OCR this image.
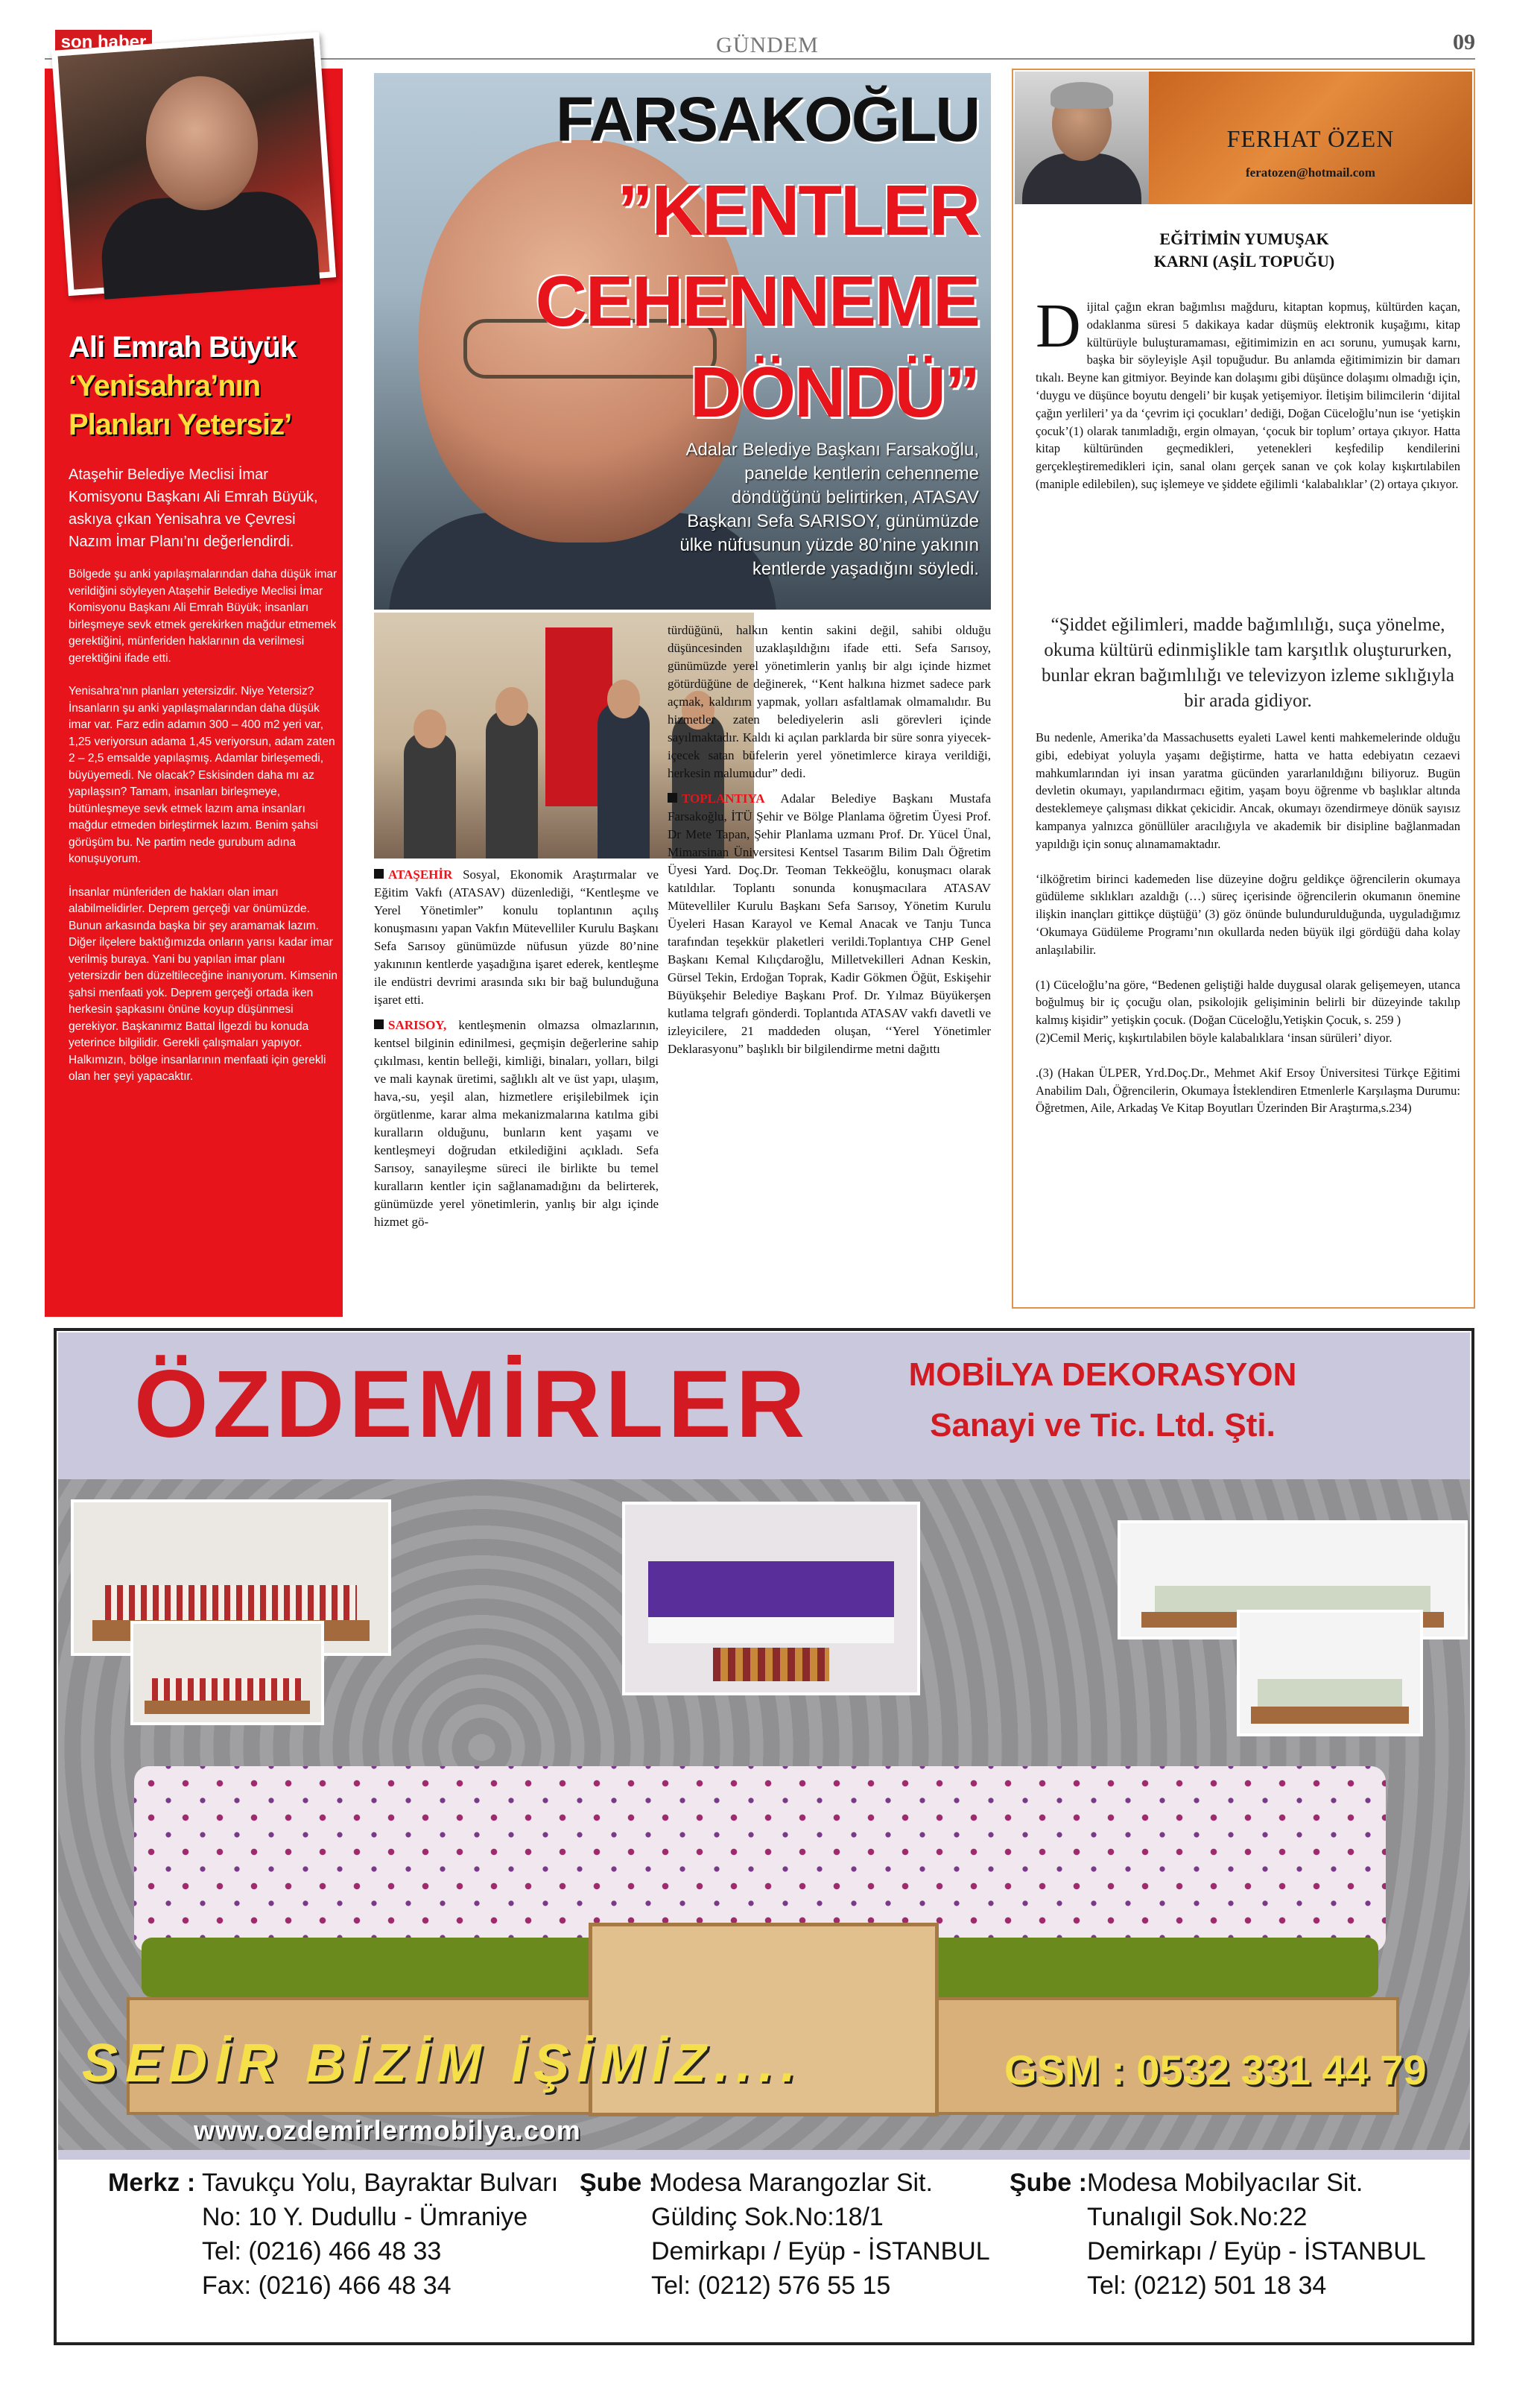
son haber	GÜNDEM	09
Ali Emrah Büyük
‘Yenisahra’nın
Planları Yetersiz’
Ataşehir Belediye Meclisi İmar Komisyonu Başkanı Ali Emrah Büyük, askıya çıkan Yenisahra ve Çevresi Nazım İmar Planı’nı değerlendirdi.

Bölgede şu anki yapılaşmalarından daha düşük imar verildiğini söyleyen Ataşehir Belediye Meclisi İmar Komisyonu Başkanı Ali Emrah Büyük; insanları birleşmeye sevk etmek gerekirken mağdur etmemek gerektiğini, münferiden haklarının da verilmesi gerektiğini ifade etti.

Yenisahra’nın planları yetersizdir. Niye Yetersiz? İnsanların şu anki yapılaşmalarından daha düşük imar var. Farz edin adamın 300 – 400 m2 yeri var, 1,25 veriyorsun adama 1,45 veriyorsun, adam zaten 2 – 2,5 emsalde yapılaşmış. Adamlar birleşemedi, büyüyemedi. Ne olacak? Eskisinden daha mı az yapılaşsın? Tamam, insanları birleşmeye, bütünleşmeye sevk etmek lazım ama insanları mağdur etmeden birleştirmek lazım. Benim şahsi görüşüm bu. Ne partim nede gurubum adına konuşuyorum.

İnsanlar münferiden de hakları olan imarı alabilmelidirler. Deprem gerçeği var önümüzde. Bunun arkasında başka bir şey aramamak lazım. Diğer ilçelere baktığımızda onların yarısı kadar imar verilmiş buraya. Yani bu yapılan imar planı yetersizdir ben düzeltileceğine inanıyorum. Kimsenin şahsi menfaati yok. Deprem gerçeği ortada iken herkesin şapkasını önüne koyup düşünmesi gerekiyor. Başkanımız Battal İlgezdi bu konuda yeterince bilgilidir. Gerekli çalışmaları yapıyor. Halkımızın, bölge insanlarının menfaati için gerekli olan her şeyi yapacaktır.

FARSAKOĞLU
”KENTLER
CEHENNEME
DÖNDÜ”
Adalar Belediye Başkanı Farsakoğlu, panelde kentlerin cehenneme döndüğünü belirtirken, ATASAV Başkanı Sefa SARISOY, günümüzde ülke nüfusunun yüzde 80’nine yakının kentlerde yaşadığını söyledi.

ATAŞEHİR Sosyal, Ekonomik Araştırmalar ve Eğitim Vakfı (ATASAV) düzenlediği, “Kentleşme ve Yerel Yönetimler” konulu toplantının açılış konuşmasını yapan Vakfın Mütevelliler Kurulu Başkanı Sefa Sarısoy günümüzde nüfusun yüzde 80’nine yakınının kentlerde yaşadığına işaret ederek, kentleşme ile endüstri devrimi arasında sıkı bir bağ bulunduğuna işaret etti.

SARISOY, kentleşmenin olmazsa olmazlarının, kentsel bilginin edinilmesi, geçmişin değerlerine sahip çıkılması, kentin belleği, kimliği, binaları, yolları, bilgi ve mali kaynak üretimi, sağlıklı alt ve üst yapı, ulaşım, hava,-su, yeşil alan, hizmetlere erişilebilmek için örgütlenme, karar alma mekanizmalarına katılma gibi kuralların olduğunu, bunların kent yaşamı ve kentleşmeyi doğrudan etkilediğini açıkladı. Sefa Sarısoy, sanayileşme süreci ile birlikte bu temel kuralların kentler için sağlanamadığını da belirterek, günümüzde yerel yönetimlerin, yanlış bir algı içinde hizmet gö-

türdüğünü, halkın kentin sakini değil, sahibi olduğu düşüncesinden uzaklaşıldığını ifade etti. Sefa Sarısoy, günümüzde yerel yönetimlerin yanlış bir algı içinde hizmet götürdüğüne de değinerek, ‘‘Kent halkına hizmet sadece park açmak, kaldırım yapmak, yolları asfaltlamak olmamalıdır. Bu hizmetler zaten belediyelerin asli görevleri içinde sayılmaktadır. Kaldı ki açılan parklarda bir süre sonra yiyecek-içecek satan büfelerin yerel yönetimlerce kiraya verildiği, herkesin malumudur” dedi.

TOPLANTIYA Adalar Belediye Başkanı Mustafa Farsakoğlu, İTÜ Şehir ve Bölge Planlama öğretim Üyesi Prof. Dr Mete Tapan, Şehir Planlama uzmanı Prof. Dr. Yücel Ünal, Mimarsinan Üniversitesi Kentsel Tasarım Bilim Dalı Öğretim Üyesi Yard. Doç.Dr. Teoman Tekkeöğlu, konuşmacı olarak katıldılar. Toplantı sonunda konuşmacılara ATASAV Mütevelliler Kurulu Başkanı Sefa Sarısoy, Yönetim Kurulu Üyeleri Hasan Karayol ve Kemal Anacak ve Tanju Tunca tarafından teşekkür plaketleri verildi.Toplantıya CHP Genel Başkanı Kemal Kılıçdaroğlu, Milletvekilleri Adnan Keskin, Gürsel Tekin, Erdoğan Toprak, Kadir Gökmen Öğüt, Eskişehir Büyükşehir Belediye Başkanı Prof. Dr. Yılmaz Büyükerşen kutlama telgrafı gönderdi. Toplantıda ATASAV vakfı davetli ve izleyicilere, 21 maddeden oluşan, ‘‘Yerel Yönetimler Deklarasyonu” başlıklı bir bilgilendirme metni dağıttı

FERHAT ÖZEN
feratozen@hotmail.com
EĞİTİMİN YUMUŞAK
KARNI (AŞİL TOPUĞU)

Dijital çağın ekran bağımlısı mağduru, kitaptan kopmuş, kültürden kaçan, odaklanma süresi 5 dakikaya kadar düşmüş elektronik kuşağımı, kitap kültürüyle buluşturamaması, eğitimimizin en acı sorunu, yumuşak karnı, başka bir söyleyişle Aşil topuğudur. Bu anlamda eğitimimizin bir damarı tıkalı. Beyne kan gitmiyor. Beyinde kan dolaşımı gibi düşünce dolaşımı olmadığı için, ‘duygu ve düşünce boyutu dengeli’ bir kuşak yetişemiyor. İletişim bilimcilerin ‘dijital çağın yerlileri’ ya da ‘çevrim içi çocukları’ dediği, Doğan Cüceloğlu’nun ise ‘yetişkin çocuk’(1) olarak tanımladığı, ergin olmayan, ‘çocuk bir toplum’ ortaya çıkıyor. Hatta kitap kültüründen geçmedikleri, yetenekleri keşfedilip kendilerini gerçekleştiremedikleri için, sanal olanı gerçek sanan ve çok kolay kışkırtılabilen (maniple edilebilen), suç işlemeye ve şiddete eğilimli ‘kalabalıklar’ (2) ortaya çıkıyor.

“Şiddet eğilimleri, madde bağımlılığı, suça yönelme, okuma kültürü edinmişlikle tam karşıtlık oluştururken, bunlar ekran bağımlılığı ve televizyon izleme sıklığıyla bir arada gidiyor.

Bu nedenle, Amerika’da Massachusetts eyaleti Lawel kenti mahkemelerinde olduğu gibi, edebiyat yoluyla yaşamı değiştirme, hatta ve hatta edebiyatın cezaevi mahkumlarından iyi insan yaratma gücünden yararlanıldığını biliyoruz. Bugün devletin okumayı, yapılandırmacı eğitim, yaşam boyu öğrenme vb başlıklar altında desteklemeye çalışması dikkat çekicidir. Ancak, okumayı özendirmeye dönük sayısız kampanya yalnızca gönüllüler aracılığıyla ve akademik bir disipline bağlanmadan yapıldığı için sonuç alınamamaktadır.

‘ilköğretim birinci kademeden lise düzeyine doğru geldikçe öğrencilerin okumaya güdüleme sıklıkları azaldığı (…) süreç içerisinde öğrencilerin okumanın önemine ilişkin inançları gittikçe düştüğü’ (3) göz önünde bulundurulduğunda, uyguladığımız ‘Okumaya Güdüleme Programı’nın okullarda neden büyük ilgi gördüğü daha kolay anlaşılabilir.

(1) Cüceloğlu’na göre, “Bedenen geliştiği halde duygusal olarak gelişemeyen, utanca boğulmuş bir iç çocuğu olan, psikolojik gelişiminin belirli bir düzeyinde takılıp kalmış kişidir” yetişkin çocuk. (Doğan Cüceloğlu,Yetişkin Çocuk, s. 259 )
(2)Cemil Meriç, kışkırtılabilen böyle kalabalıklara ‘insan sürüleri’ diyor.

.(3) (Hakan ÜLPER, Yrd.Doç.Dr., Mehmet Akif Ersoy Üniversitesi Türkçe Eğitimi Anabilim Dalı, Öğrencilerin, Okumaya İsteklendiren Etmenlerle Karşılaşma Durumu: Öğretmen, Aile, Arkadaş Ve Kitap Boyutları Üzerinden Bir Araştırma,s.234)

ÖZDEMİRLER	MOBİLYA DEKORASYON
Sanayi ve Tic. Ltd. Şti.
SEDİR BİZİM İŞİMİZ....	GSM : 0532 331 44 79
www.ozdemirlermobilya.com
Merkz : Tavukçu Yolu, Bayraktar Bulvarı
No: 10 Y. Dudullu - Ümraniye
Tel: (0216) 466 48 33
Fax: (0216) 466 48 34
Şube :
Modesa Marangozlar Sit.
Güldinç Sok.No:18/1
Demirkapı / Eyüp - İSTANBUL
Tel: (0212) 576 55 15
Şube : Modesa Mobilyacılar Sit.
Tunalıgil Sok.No:22
Demirkapı / Eyüp - İSTANBUL
Tel: (0212) 501 18 34
